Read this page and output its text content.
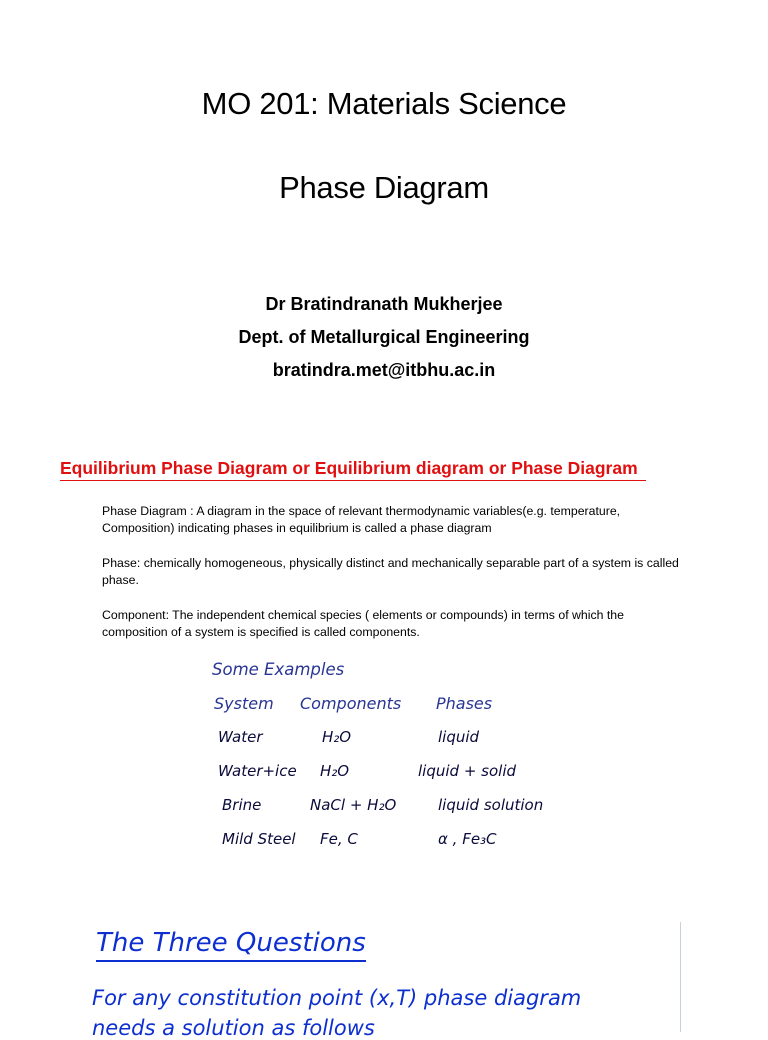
MO 201: Materials Science
Phase Diagram
Dr Bratindranath Mukherjee
Dept. of Metallurgical Engineering
bratindra.met@itbhu.ac.in
Equilibrium Phase Diagram or Equilibrium diagram or Phase Diagram
Phase Diagram : A diagram in the space of relevant thermodynamic variables(e.g. temperature, Composition) indicating phases in equilibrium is called a phase diagram
Phase: chemically homogeneous, physically distinct and mechanically separable part of a system is called phase.
Component: The independent chemical species ( elements or compounds) in terms of which the composition of a system is specified is called components.
Some Examples
System Components Phases
Water	H₂O	liquid
Water+ice H₂O	liquid + solid
Brine	NaCl + H₂O	liquid solution
Mild Steel Fe, C	α , Fe₃C
The Three Questions
For any constitution point (x,T) phase diagram
needs a solution as follows
